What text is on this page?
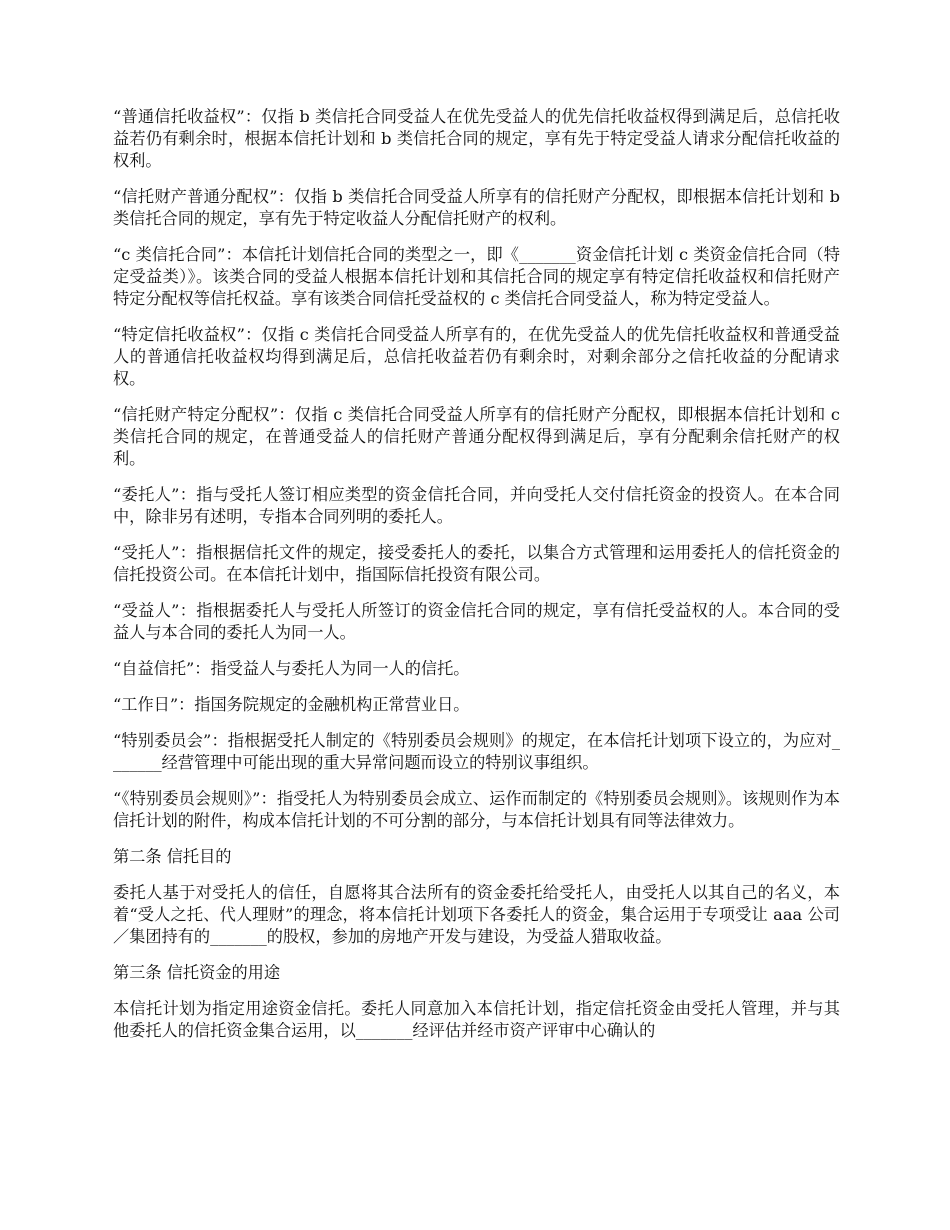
“普通信托收益权”：仅指 b 类信托合同受益人在优先受益人的优先信托收益权得到满足后，总信托收益若仍有剩余时，根据本信托计划和 b 类信托合同的规定，享有先于特定受益人请求分配信托收益的权利。

“信托财产普通分配权”：仅指 b 类信托合同受益人所享有的信托财产分配权，即根据本信托计划和 b 类信托合同的规定，享有先于特定收益人分配信托财产的权利。

“c 类信托合同”：本信托计划信托合同的类型之一，即《_______资金信托计划 c 类资金信托合同（特定受益类）》。该类合同的受益人根据本信托计划和其信托合同的规定享有特定信托收益权和信托财产特定分配权等信托权益。享有该类合同信托受益权的 c 类信托合同受益人，称为特定受益人。

“特定信托收益权”：仅指 c 类信托合同受益人所享有的，在优先受益人的优先信托收益权和普通受益人的普通信托收益权均得到满足后，总信托收益若仍有剩余时，对剩余部分之信托收益的分配请求权。

“信托财产特定分配权”：仅指 c 类信托合同受益人所享有的信托财产分配权，即根据本信托计划和 c 类信托合同的规定，在普通受益人的信托财产普通分配权得到满足后，享有分配剩余信托财产的权利。

“委托人”：指与受托人签订相应类型的资金信托合同，并向受托人交付信托资金的投资人。在本合同中，除非另有述明，专指本合同列明的委托人。

“受托人”：指根据信托文件的规定，接受委托人的委托，以集合方式管理和运用委托人的信托资金的信托投资公司。在本信托计划中，指国际信托投资有限公司。

“受益人”：指根据委托人与受托人所签订的资金信托合同的规定，享有信托受益权的人。本合同的受益人与本合同的委托人为同一人。

“自益信托”：指受益人与委托人为同一人的信托。

“工作日”：指国务院规定的金融机构正常营业日。

“特别委员会”：指根据受托人制定的《特别委员会规则》的规定，在本信托计划项下设立的，为应对_______经营管理中可能出现的重大异常问题而设立的特别议事组织。

“《特别委员会规则》”：指受托人为特别委员会成立、运作而制定的《特别委员会规则》。该规则作为本信托计划的附件，构成本信托计划的不可分割的部分，与本信托计划具有同等法律效力。

第二条 信托目的

委托人基于对受托人的信任，自愿将其合法所有的资金委托给受托人，由受托人以其自己的名义，本着“受人之托、代人理财”的理念，将本信托计划项下各委托人的资金，集合运用于专项受让 aaa 公司／集团持有的_______的股权，参加的房地产开发与建设，为受益人猎取收益。

第三条 信托资金的用途

本信托计划为指定用途资金信托。委托人同意加入本信托计划，指定信托资金由受托人管理，并与其他委托人的信托资金集合运用，以_______经评估并经市资产评审中心确认的
